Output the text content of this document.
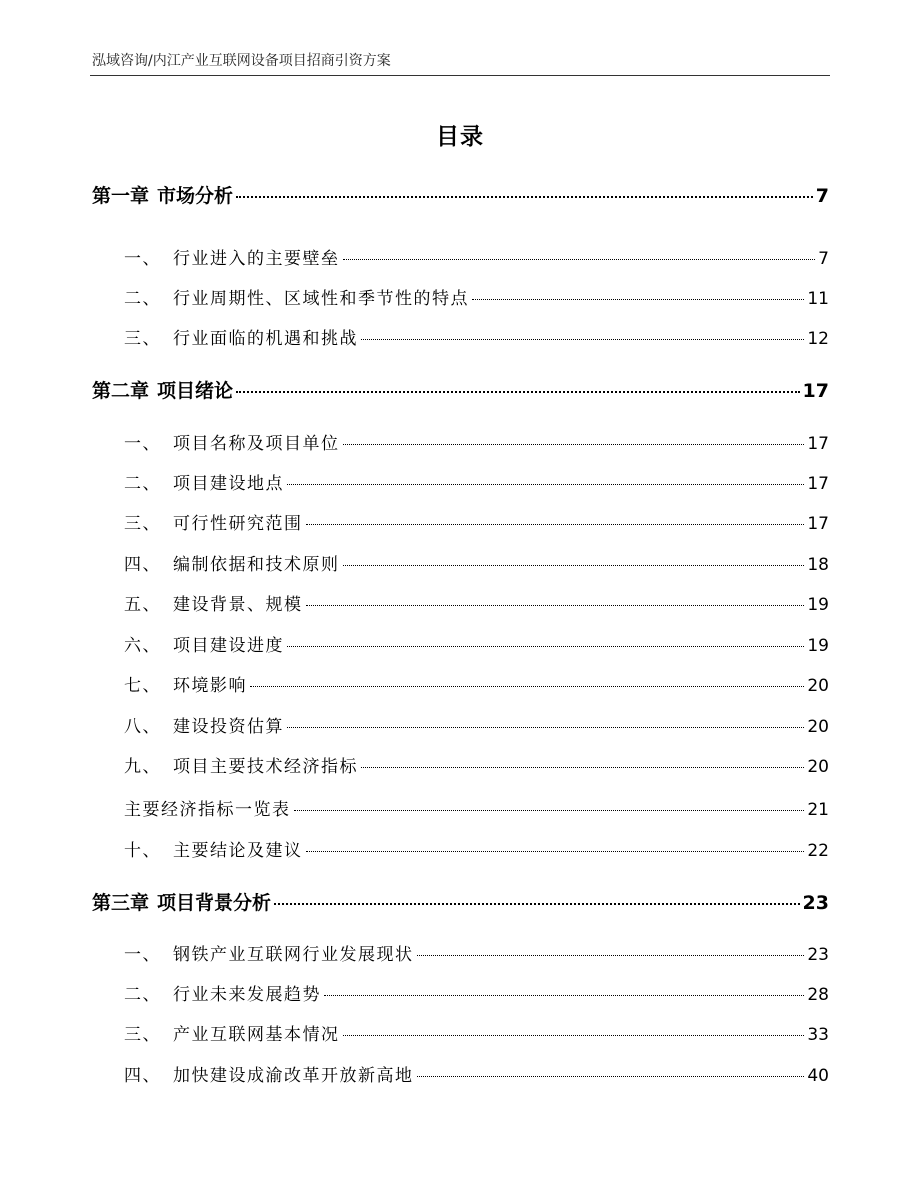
泓域咨询/内江产业互联网设备项目招商引资方案
目录
第一章 市场分析	7
一、 行业进入的主要壁垒	7
二、 行业周期性、区域性和季节性的特点	11
三、 行业面临的机遇和挑战	12
第二章 项目绪论	17
一、 项目名称及项目单位	17
二、 项目建设地点	17
三、 可行性研究范围	17
四、 编制依据和技术原则	18
五、 建设背景、规模	19
六、 项目建设进度	19
七、 环境影响	20
八、 建设投资估算	20
九、 项目主要技术经济指标	20
主要经济指标一览表	21
十、 主要结论及建议	22
第三章 项目背景分析	23
一、 钢铁产业互联网行业发展现状	23
二、 行业未来发展趋势	28
三、 产业互联网基本情况	33
四、 加快建设成渝改革开放新高地	40
